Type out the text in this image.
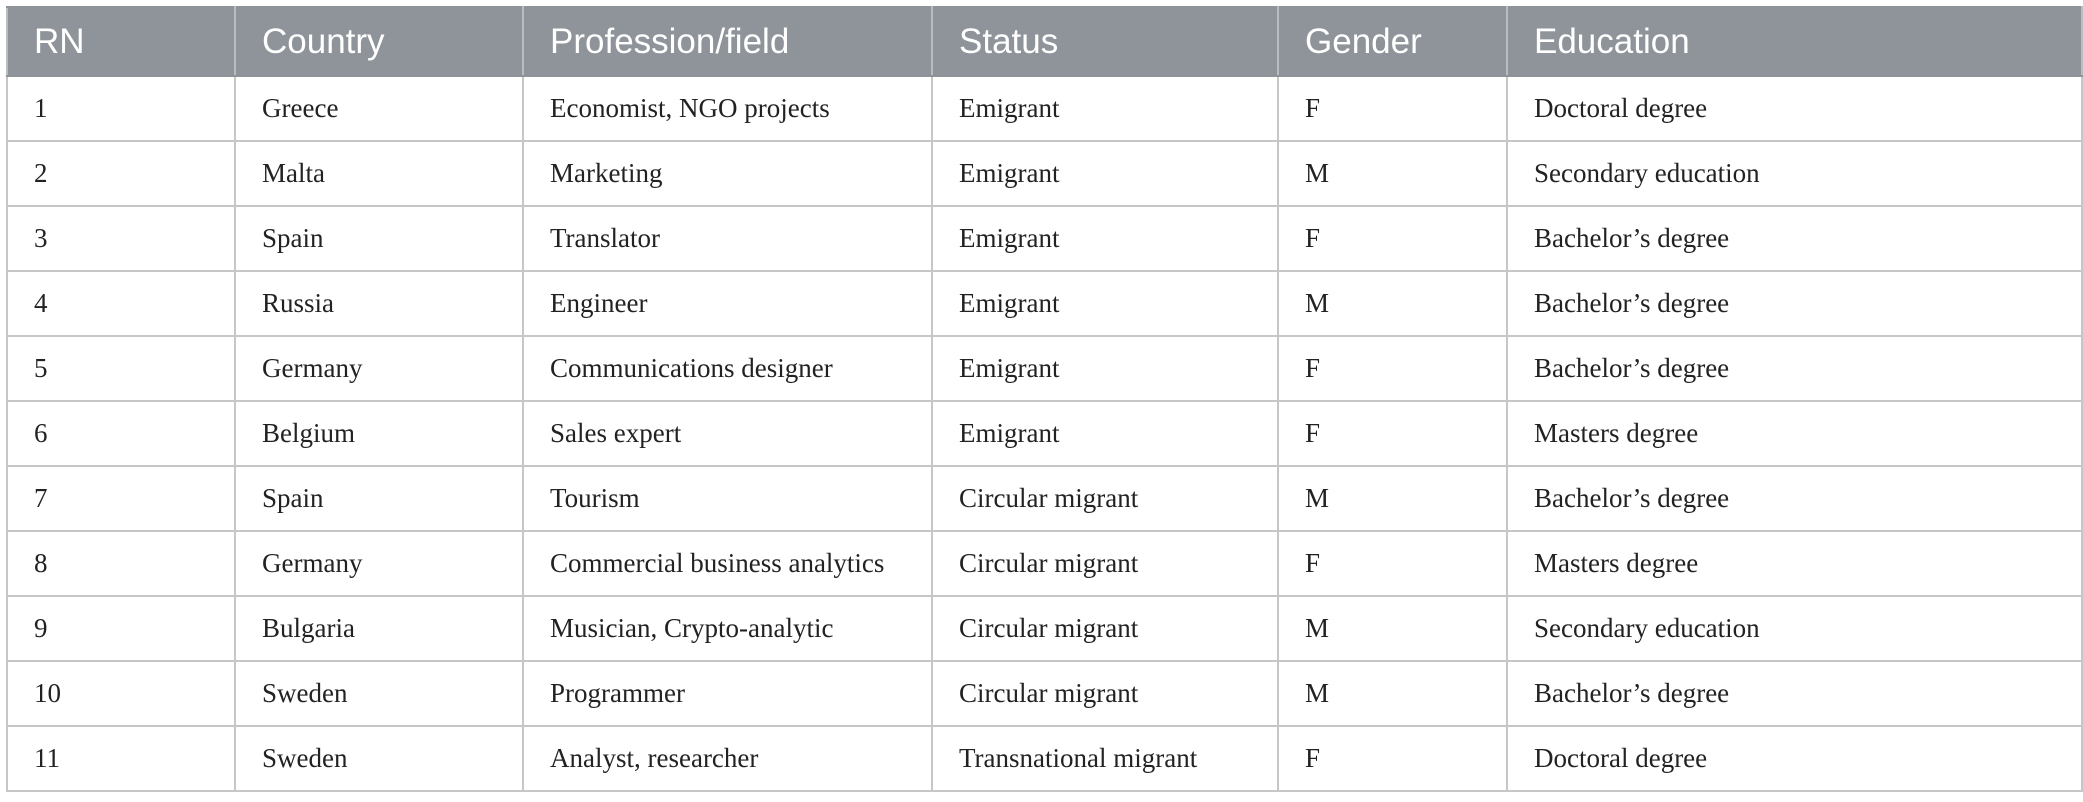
RN	Country	Profession/field	Status	Gender	Education
1	Greece	Economist, NGO projects	Emigrant	F	Doctoral degree
2	Malta	Marketing	Emigrant	M	Secondary education
3	Spain	Translator	Emigrant	F	Bachelor’s degree
4	Russia	Engineer	Emigrant	M	Bachelor’s degree
5	Germany	Communications designer	Emigrant	F	Bachelor’s degree
6	Belgium	Sales expert	Emigrant	F	Masters degree
7	Spain	Tourism	Circular migrant	M	Bachelor’s degree
8	Germany	Commercial business analytics	Circular migrant	F	Masters degree
9	Bulgaria	Musician, Crypto-analytic	Circular migrant	M	Secondary education
10	Sweden	Programmer	Circular migrant	M	Bachelor’s degree
11	Sweden	Analyst, researcher	Transnational migrant	F	Doctoral degree
